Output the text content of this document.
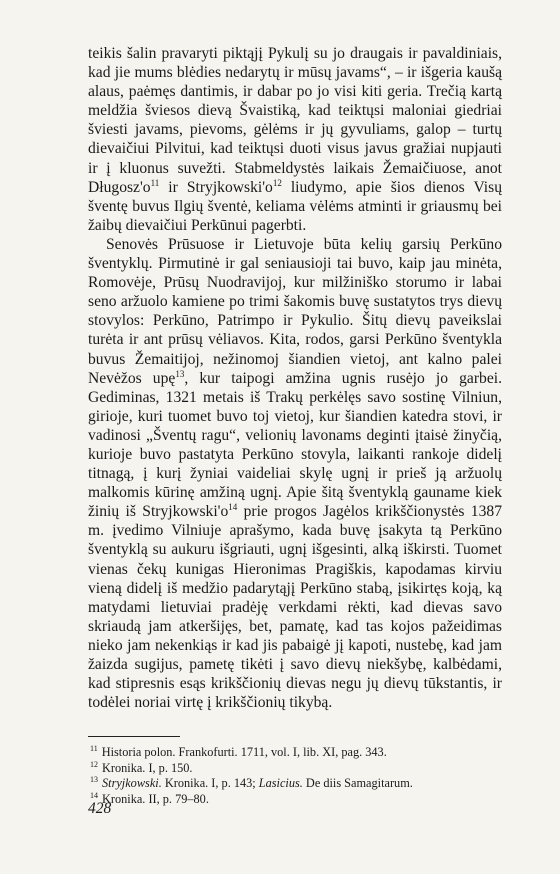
teikis šalin pravaryti piktąjį Pykulį su jo draugais ir pavaldiniais, kad jie mums blėdies nedarytų ir mūsų javams“, – ir išgeria kaušą alaus, paėmęs dantimis, ir dabar po jo visi kiti geria. Trečią kartą meldžia šviesos dievą Švaistiką, kad teiktųsi maloniai giedriai šviesti javams, pievoms, gėlėms ir jų gyvuliams, galop – turtų dievaičiui Pilvitui, kad teiktųsi duoti visus javus gražiai nupjauti ir į kluonus suvežti. Stabmeldystės laikais Žemaičiuose, anot $Długosz'o^{11}$ ir $Stryjkowski'o^{12}$ liudymo, apie šios dienos Visų šventę buvus Ilgių šventė, keliama vėlėms atminti ir griausmų bei žaibų dievaičiui Perkūnui pagerbti.

Senovės Prūsuose ir Lietuvoje būta kelių garsių Perkūno šventyklų. Pirmutinė ir gal seniausioji tai buvo, kaip jau minėta, Romovėje, Prūsų Nuodravijoj, kur milžiniško storumo ir labai seno aržuolo kamiene po trimi šakomis buvę sustatytos trys dievų stovylos: Perkūno, Patrimpo ir Pykulio. Šitų dievų paveikslai turėta ir ant prūsų vėliavos. Kita, rodos, garsi Perkūno šventykla buvus Žemaitijoj, nežinomoj šiandien vietoj, ant kalno palei Nevėžos upę$^{13}$, kur taipogi amžina ugnis rusėjo jo garbei. Gediminas, 1321 metais iš Trakų perkėlęs savo sostinę Vilniun, girioje, kuri tuomet buvo toj vietoj, kur šiandien katedra stovi, ir vadinosi „Šventų ragu“, velionių lavonams deginti įtaisė žinyčią, kurioje buvo pastatyta Perkūno stovyla, laikanti rankoje didelį titnagą, į kurį žyniai vaideliai skylę ugnį ir prieš ją aržuolų malkomis kūrinę amžiną ugnį. Apie šitą šventyklą gauname kiek žinių iš $Stryjkowski'o^{14}$ prie progos Jagėlos krikščionystės 1387 m. įvedimo Vilniuje aprašymo, kada buvę įsakyta tą Perkūno šventyklą su aukuru išgriauti, ugnį išgesinti, alką iškirsti. Tuomet vienas čekų kunigas Hieronimas Pragiškis, kapodamas kirviu vieną didelį iš medžio padarytąjį Perkūno stabą, įsikirtęs koją, ką matydami lietuviai pradėję verkdami rėkti, kad dievas savo skriaudą jam atkeršijęs, bet, pamatę, kad tas kojos pažeidimas nieko jam nekenkiąs ir kad jis pabaigė jį kapoti, nustebę, kad jam žaizda sugijus, pametę tikėti į savo dievų niekšybę, kalbėdami, kad stipresnis esąs krikščionių dievas negu jų dievų tūkstantis, ir todėlei noriai virtę į krikščionių tikybą.

$^{11}$ Historia polon. Frankofurti. 1711, vol. I, lib. XI, pag. 343.
$^{12}$ Kronika. I, p. 150.
$^{13}$ Stryjkowski. Kronika. I, p. 143; Lasicius. De diis Samagitarum.
$^{14}$ Kronika. II, p. 79–80.
428
